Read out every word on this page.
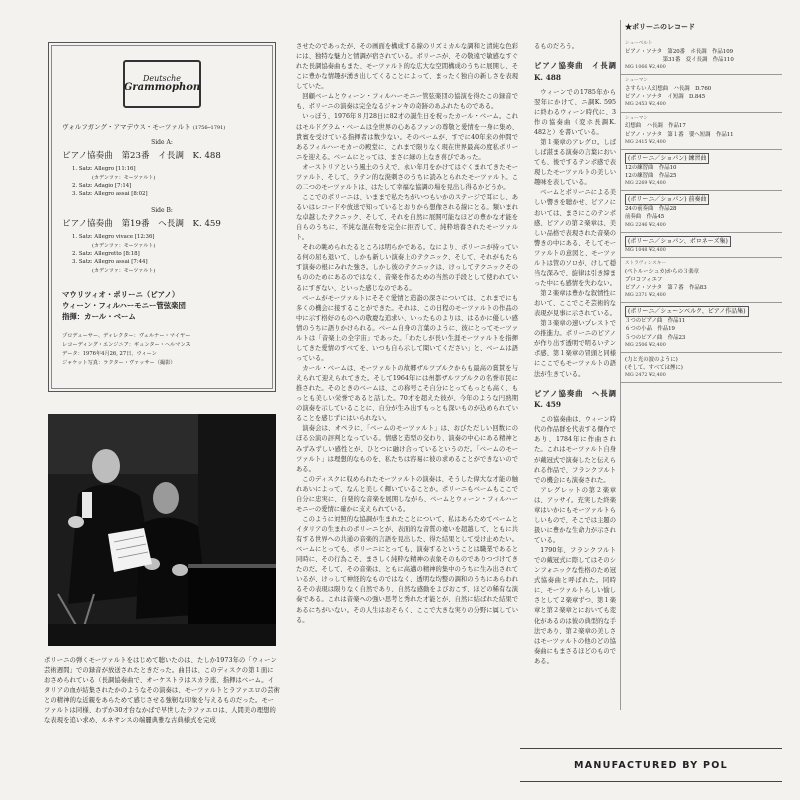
Deutsche
Grammophon
ヴォルフガング・アマデウス・モーツァルト (1756─1791)
Side A:
ピアノ協奏曲　第23番　イ長調　K. 488
1. Satz: Allegro [11:16]
(カデンツァ：モーツァルト)
2. Satz: Adagio [7:14]
3. Satz: Allegro assai [8:02]
Side B:
ピアノ協奏曲　第19番　ヘ長調　K. 459
1. Satz: Allegro vivace [12:36]
(カデンツァ：モーツァルト)
2. Satz: Allegretto [8:18]
3. Satz: Allegro assai [7:44]
(カデンツァ：モーツァルト)
マウリツィオ・ポリーニ（ピアノ）
ウィーン・フィルハーモニー管弦楽団
指揮：カール・ベーム
プロデューサー、ディレクター：ヴェルナー・マイヤー
レコーディング・エンジニア：ギュンター・ヘルマンス
データ：1976年4月26, 27日、ウィーン
ジャケット写真：ラクター・ヴァッサー（撮影）
ポリーニの弾くモーツァルトをはじめて聴いたのは、たしか1973年の「ウィーン芸術週間」での録音が放送されたときだった。曲目は、このディスクの第１面におさめられている（長調協奏曲で、オーケストラはスカラ座、指揮はベーム。イタリアの血が結集されたかのようなその演奏は、モーツァルトとラファエロの芸術との精神的な近親をあらためて感じさせる強靭な印象を与えるものだった。モーツァルトは同様、わずか30才台なかばで早世したラファエロは、人間美の理想的な表現を追い求め、ルネサンスの端麗典雅な古典様式を完成

させたのであったが、その画面を構成する線のリズミカルな調和と清純な色彩には、独特な魅力と情調が宿されている。ポリーニが、その敬遠で敏感なすぐれた長調協奏曲もまた、モーツァルト的な広大な空間構成のうちに展開し、そこに豊かな情趣が湧き出してくることによって、まったく独自の新しさを表現していた。

回顧ベームとウィーン・フィルハーモニー管弦楽団の協演を得たこの録音でも、ポリーニの演奏は完全なるジャンキの奇跡のあふれたものである。

いっぽう、1976年８月28日に82才の誕生日を祝ったカール・ベーム。これはモルドグラム・ベームは全世界の心あるファンの尊敬と愛情を一身に集め、貴賓を受けている指揮者は数少ない。そのベームが、すでに40年来の仲間であるフィルハーモカーの殿堂に、これまで限りなく現在世界最高の度私ポリーニを迎える。ベームにとっては、まさに緑の上なき喜びであった。

オーストリアという風土のうえで、永い年月をかけてはぐくまれてきたモーツァルト、そして、ラテン的な溌刺さのうちに読みとられたモーツァルト。この二つのモーツァルトは、はたして幸福な協調の場を見出し得るかどうか。

ここでのポリーニは、いままで私たちがいつもいかのステージで耳にし、あるいはレコードや放送で知っているとおりから想像される線にとる。類いまれな卓越したテクニック、そして、それを自然に展開可能なほどの豊かな才能を自らのうちに、不純な混在物を完全に拒否して、純粋培養されたモーツァルト。

それの眺められたるところは明らかである。なにより、ポリーニが持っている何の屈も退いて、しかも新しい演奏上のテクニック、そして、それがもたらす演奏の根にみれた強さ。しかし彼のテクニックは、けっしてテクニックそのもののためにあるのではなく、音楽を作るための当然の手段として使われているにすぎない、といった感じなのである。

ベームがモーツァルトにそそぐ愛情と造詣の深さについては、これまでにも多くの機会に接することができた。それは、この日程のモーツァルトの作品の中に示す格好のものへの敬慶な追求い、いったものよりは、はるかに優しい感情のうちに語りかけられる。ベーム自身の言葉のように、彼にとってモーツァルトは「音楽上の全宇宙」であった。「わたしが長い生涯モーツァルトを指揮してきた愛情のすべてを、いつも自ら示して聞いてください」と、ベームは語っている。

カール・ベームは、モーツァルトの故郷ザルツブルクからも最高の賞賛を与えられて迎えられてきた。そして1964年には州都ザルツブルクの名誉市民に推された。そのときのベームは、この称号こそ自分にとってもっとも高く、もっとも美しい栄誉であると話した。70才を超えた彼が、今年のような円熟期の演奏を示していることに、自分が生み出すもっとも深いものが込められていることを感じずにはいられない。

演奏会は、オペラに、「ベームのモーツァルト」は、おびただしい回数にのぼる公演の評判となっている。情感と造型の交わり、演奏の中心にある精神とみずみずしい感性とが、ひとつに融け合っているというのだ。「ベームのモーツァルト」は理想的なものを、私たちは容易に彼の求めることができないのである。

このディスクに収められたモーツァルトの演奏は、そうした偉大な才能の触れあいによって、なんと美しく輝いていることか。ポリーニもベームもここで自分に忠実に、自発的な音楽を展開しながら、ベームとウィーン・フィルハーモニーの愛情に確かに支えられている。

このように対照的な協調が生まれたことについて、私はあらためてベームとイタリアの生まれのポリーニとが、表面的な音質の違いを超越して、ともに共有する世界への共通の音楽的言語を見出した、得た結果として受け止めたい。ベームにとっても、ポリーニにとっても、演奏するということは職業であると同時に、その行為こそ、まさしく純粋な精神の表象そのものでありつづけてきたのだ。そして、その音楽は、ともに高邁の精神的集中のうちに生み出されているが、けっして神経的なものではなく、透明な均整の調和のうちにあらわれるその表現は限りなく自然であり、自然な感動をよびおこす、ほどの稀有な演奏である。これは音楽への強い思考と秀れた才能とが、自然に結ばれた結果であるにちがいない。その人生はおそらく、ここで大きな実りの分野に属している。

るものだろう。

ピアノ協奏曲　イ長調 K. 488

ウィーンでの1785年から翌年にかけて、ニ調K. 595に終わるウィーン時代に、3作の協奏曲（変ホ長調K. 482と）を書いている。

第１楽章のアレグロ。しばしば湛まる演奏の言葉においても、後でするテンポ感で表現したモーツァルトの美しい趣味を表している。

ベームとポリーニによる美しい響きを聴かせ、ピアノにおいては、まさにこのテンポ感、ピアノの第２楽章は、美しい品格で表現された音楽の響きの中にある、そしてモーツァルトの意図と、モーツァルトは管のソロが、けして穏当な深みで、旋律は引き締まった中にも感情を失わない。

第２楽章は豊かな叙情性において、ここでこそ芸術的な表現が見事に示されている。

第３楽章の速いプレストでの推進力。ポリーニのピアノが作り出す透明で明るいテンポ感、第１楽章の冒頭と同様にここでもモーツァルトの語法が生きている。

ピアノ協奏曲　ヘ長調 K. 459

この協奏曲は、ウィーン時代の作品群を代表する傑作であり、1784年に作曲された。これはモーツァルト自身が戴冠式で演奏したと伝えられる作品で、フランクフルトでの機会にも演奏された。

アレグレットの第２楽章は、アッサイ。充実した終楽章はいかにもモーツァルトらしいもので、そこでは主題の扱いに豊かな生命力が示されている。

1790年、フランクフルトでの戴冠式に際してはそのシンフォニックな性格のため冠式協奏曲と呼ばれた。同時に、モーツァルトらしい愉しさとして２楽章ずつ、第１楽章と第２楽章とにおいても変化があるのは彼の典型的な手法であり、第２楽章の美しさはモーツァルトの他のどの協奏曲にもまさるほどのものである。

★ポリーニのレコード
シューベルト
ピアノ・ソナタ　第20番　ホ長調　作品109
　　　　　　　第31番　変イ長調　作品110
MG 1066 ¥2,400
シューマン
さすらい人幻想曲　ハ長調　D.760
ピアノ・ソナタ　イ短調　D.845
MG 2453 ¥2,400
シューマン
幻想曲　ハ長調　作品17
ピアノ・ソナタ　第１番　嬰ヘ短調　作品11
MG 2415 ¥2,400
(ポリーニ／ショパン) 練習曲
12の練習曲　作品10
12の練習曲　作品25
MG 2269 ¥2,400
(ポリーニ／ショパン) 前奏曲
24の前奏曲　作品28
前奏曲　作品45
MG 2246 ¥2,400
(ポリーニ／ショパン、ポロネーズ集)
MG 1048 ¥2,400
ストラヴィンスキー
(ペトルーシュカ)からの３楽章
プロコフィエフ
ピアノ・ソナタ　第７番　作品83
MG 2371 ¥2,400
(ポリーニ／シェーンベルク、ピアノ作品集)
３つのピアノ曲　作品11
６つの小品　作品19
５つのピアノ曲　作品23
MG 2506 ¥2,400
(力と光の波のように)
(そして、すべては煙に)
MG 2472 ¥2,400
MANUFACTURED BY POL
